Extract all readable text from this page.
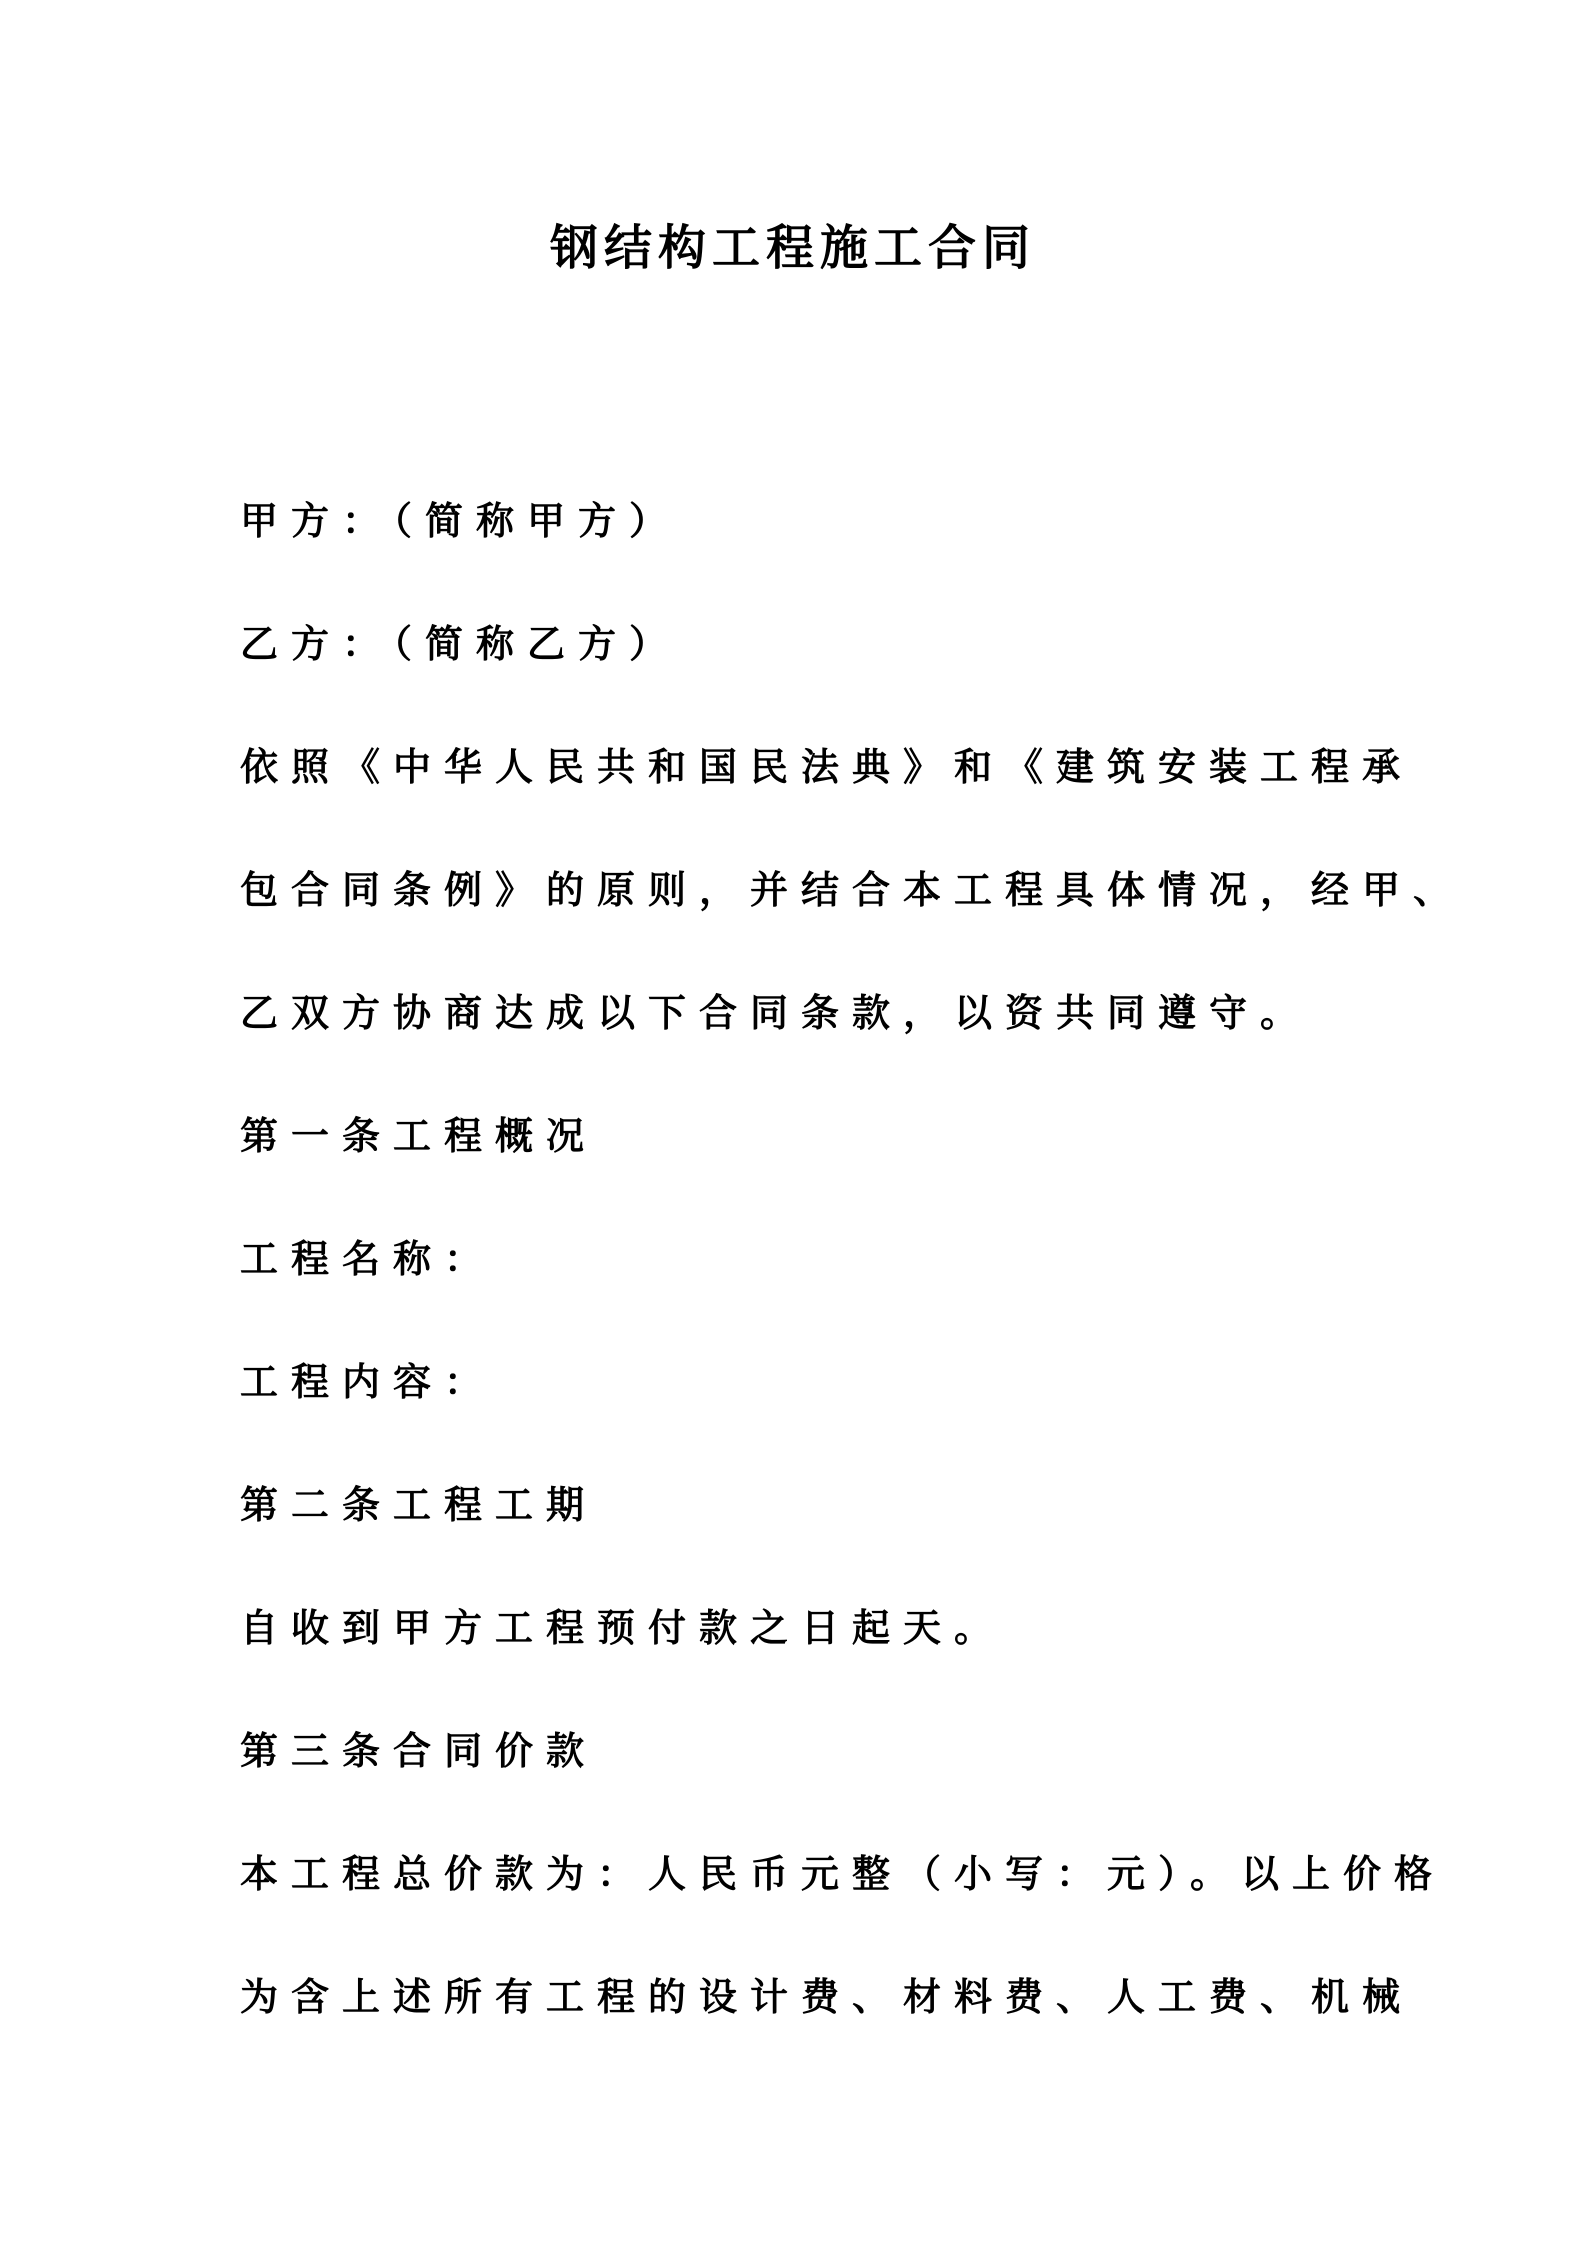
钢结构工程施工合同
甲方：（简称甲方）
乙方：（简称乙方）
依照《中华人民共和国民法典》和《建筑安装工程承
包合同条例》的原则，并结合本工程具体情况，经甲、
乙双方协商达成以下合同条款，以资共同遵守。
第一条工程概况
工程名称：
工程内容：
第二条工程工期
自收到甲方工程预付款之日起天。
第三条合同价款
本工程总价款为：人民币元整（小写：元）。以上价格
为含上述所有工程的设计费、材料费、人工费、机械
